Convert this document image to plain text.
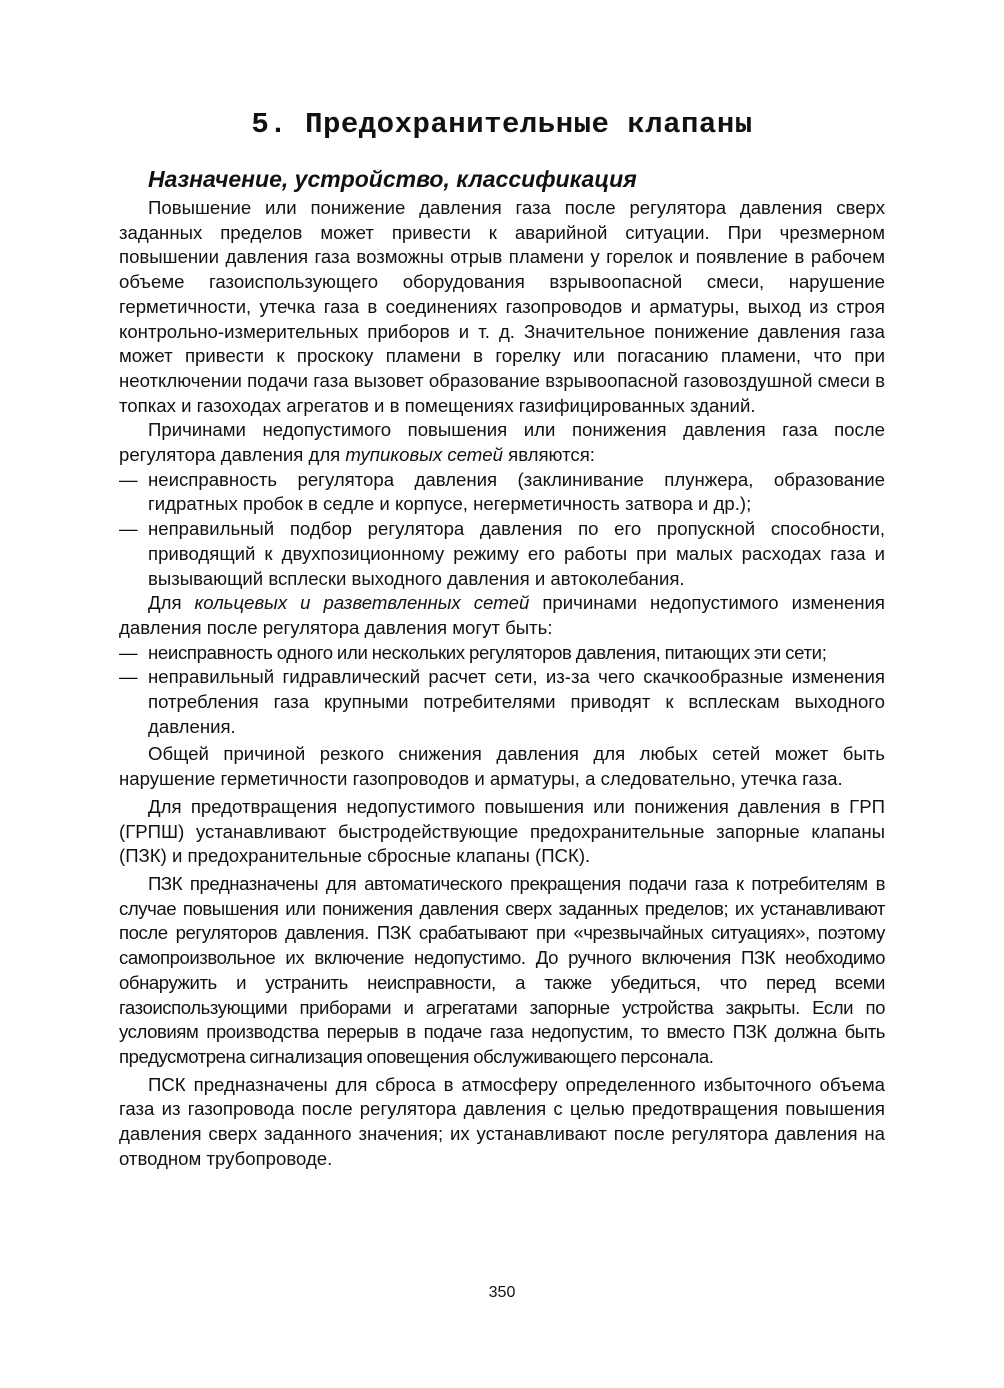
5. Предохранительные клапаны
Назначение, устройство, классификация

Повышение или понижение давления газа после регулятора давления сверх заданных пределов может привести к аварийной ситуации. При чрезмерном повышении давления газа возможны отрыв пламени у горелок и появление в рабочем объеме газоиспользующего оборудования взрывоопасной смеси, нарушение герметичности, утечка газа в соединениях газопроводов и арматуры, выход из строя контрольно-измерительных приборов и т. д. Значительное понижение давления газа может привести к проскоку пламени в горелку или погасанию пламени, что при неотключении подачи газа вызовет образование взрывоопасной газовоздушной смеси в топках и газоходах агрегатов и в помещениях газифицированных зданий.

Причинами недопустимого повышения или понижения давления газа после регулятора давления для тупиковых сетей являются:

— неисправность регулятора давления (заклинивание плунжера, образование гидратных пробок в седле и корпусе, негерметичность затвора и др.);
— неправильный подбор регулятора давления по его пропускной способности, приводящий к двухпозиционному режиму его работы при малых расходах газа и вызывающий всплески выходного давления и автоколебания.

Для кольцевых и разветвленных сетей причинами недопустимого изменения давления после регулятора давления могут быть:

— неисправность одного или нескольких регуляторов давления, питающих эти сети;
— неправильный гидравлический расчет сети, из-за чего скачкообразные изменения потребления газа крупными потребителями приводят к всплескам выходного давления.

Общей причиной резкого снижения давления для любых сетей может быть нарушение герметичности газопроводов и арматуры, а следовательно, утечка газа.

Для предотвращения недопустимого повышения или понижения давления в ГРП (ГРПШ) устанавливают быстродействующие предохранительные запорные клапаны (ПЗК) и предохранительные сбросные клапаны (ПСК).

ПЗК предназначены для автоматического прекращения подачи газа к потребителям в случае повышения или понижения давления сверх заданных пределов; их устанавливают после регуляторов давления. ПЗК срабатывают при «чрезвычайных ситуациях», поэтому самопроизвольное их включение недопустимо. До ручного включения ПЗК необходимо обнаружить и устранить неисправности, а также убедиться, что перед всеми газоиспользующими приборами и агрегатами запорные устройства закрыты. Если по условиям производства перерыв в подаче газа недопустим, то вместо ПЗК должна быть предусмотрена сигнализация оповещения обслуживающего персонала.

ПСК предназначены для сброса в атмосферу определенного избыточного объема газа из газопровода после регулятора давления с целью предотвращения повышения давления сверх заданного значения; их устанавливают после регулятора давления на отводном трубопроводе.

350
